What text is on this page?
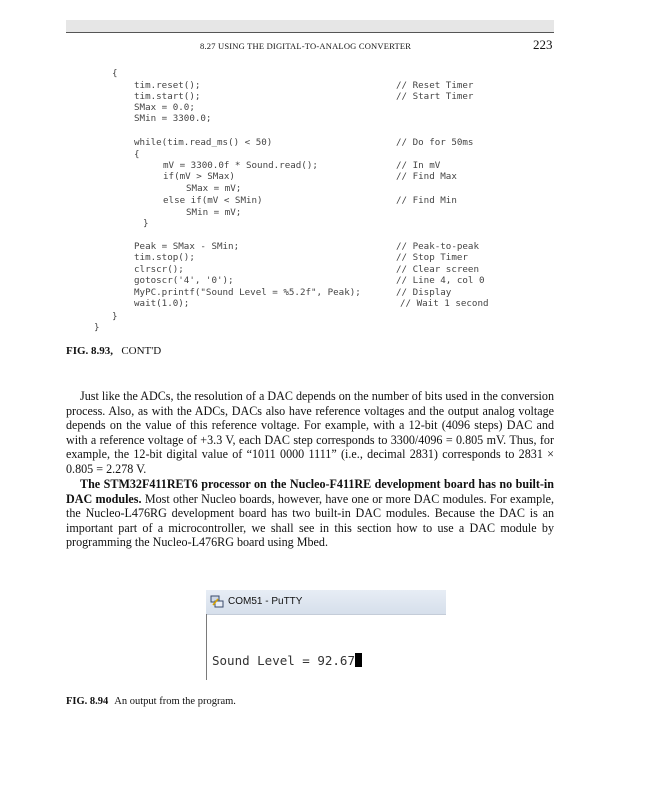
8.27 USING THE DIGITAL-TO-ANALOG CONVERTER	223
{
tim.reset();	// Reset Timer
tim.start();	// Start Timer
SMax = 0.0;
SMin = 3300.0;
while(tim.read_ms() < 50)	// Do for 50ms
{
mV = 3300.0f * Sound.read();	// In mV
if(mV > SMax)	// Find Max
SMax = mV;
else if(mV < SMin)	// Find Min
SMin = mV;
}
Peak = SMax - SMin;	// Peak-to-peak
tim.stop();	// Stop Timer
clrscr();	// Clear screen
gotoscr('4', '0');	// Line 4, col 0
MyPC.printf("Sound Level = %5.2f", Peak);	// Display
wait(1.0);	// Wait 1 second
}
}
FIG. 8.93, CONT'D

Just like the ADCs, the resolution of a DAC depends on the number of bits used in the conversion process. Also, as with the ADCs, DACs also have reference voltages and the output analog voltage depends on the value of this reference voltage. For example, with a 12-bit (4096 steps) DAC and with a reference voltage of +3.3 V, each DAC step corresponds to 3300/4096 = 0.805 mV. Thus, for example, the 12-bit digital value of “1011 0000 1111” (i.e., decimal 2831) corresponds to 2831 × 0.805 = 2.278 V.

The STM32F411RET6 processor on the Nucleo-F411RE development board has no built-in DAC modules. Most other Nucleo boards, however, have one or more DAC modules. For example, the Nucleo-L476RG development board has two built-in DAC modules. Because the DAC is an important part of a microcontroller, we shall see in this section how to use a DAC module by programming the Nucleo-L476RG board using Mbed.

COM51 - PuTTY
Sound Level = 92.67
FIG. 8.94 An output from the program.
